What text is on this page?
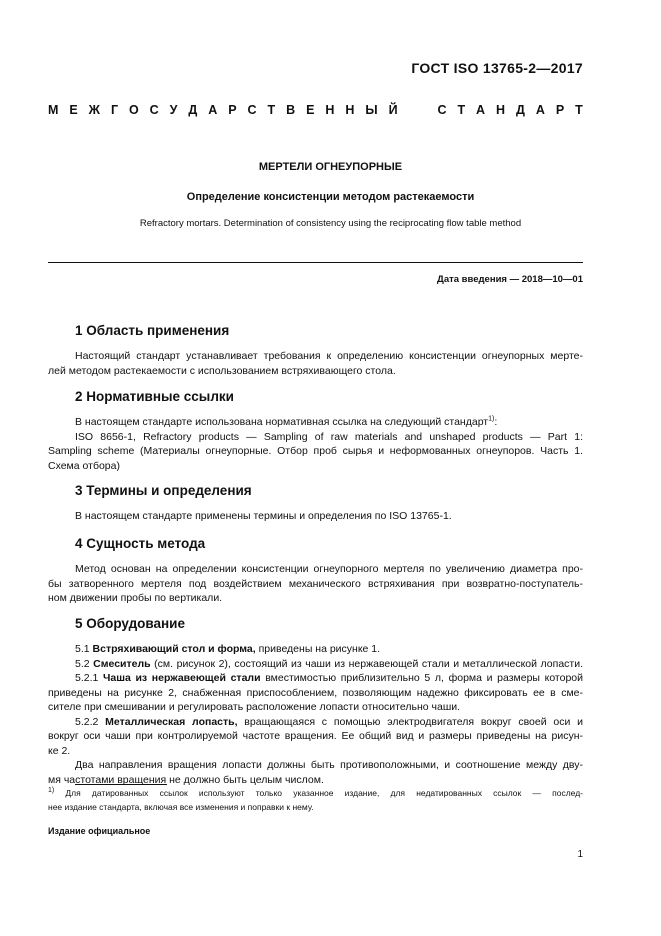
ГОСТ ISO 13765-2—2017
М Е Ж Г О С У Д А Р С Т В Е Н Н Ы Й	С Т А Н Д А Р Т
МЕРТЕЛИ ОГНЕУПОРНЫЕ
Определение консистенции методом растекаемости
Refractory mortars. Determination of consistency using the reciprocating flow table method
Дата введения — 2018—10—01
1 Область применения
Настоящий стандарт устанавливает требования к определению консистенции огнеупорных мерте-
лей методом растекаемости с использованием встряхивающего стола.
2 Нормативные ссылки
В настоящем стандарте использована нормативная ссылка на следующий стандарт$^{1)}$:
ISO 8656-1, Refractory products — Sampling of raw materials and unshaped products — Part 1:
Sampling scheme (Материалы огнеупорные. Отбор проб сырья и неформованных огнеупоров. Часть 1.
Схема отбора)
3 Термины и определения
В настоящем стандарте применены термины и определения по ISO 13765-1.
4 Сущность метода
Метод основан на определении консистенции огнеупорного мертеля по увеличению диаметра про-
бы затворенного мертеля под воздействием механического встряхивания при возвратно-поступатель-
ном движении пробы по вертикали.
5 Оборудование
5.1 Встряхивающий стол и форма, приведены на рисунке 1.
5.2 Смеситель (см. рисунок 2), состоящий из чаши из нержавеющей стали и металлической лопасти.
5.2.1 Чаша из нержавеющей стали вместимостью приблизительно 5 л, форма и размеры которой
приведены на рисунке 2, снабженная приспособлением, позволяющим надежно фиксировать ее в сме-
сителе при смешивании и регулировать расположение лопасти относительно чаши.
5.2.2 Металлическая лопасть, вращающаяся с помощью электродвигателя вокруг своей оси и
вокруг оси чаши при контролируемой частоте вращения. Ее общий вид и размеры приведены на рисун-
ке 2.
Два направления вращения лопасти должны быть противоположными, и соотношение между дву-
мя частотами вращения не должно быть целым числом.
$^{1)}$ Для датированных ссылок используют только указанное издание, для недатированных ссылок — послед-
нее издание стандарта, включая все изменения и поправки к нему.
Издание официальное
1
